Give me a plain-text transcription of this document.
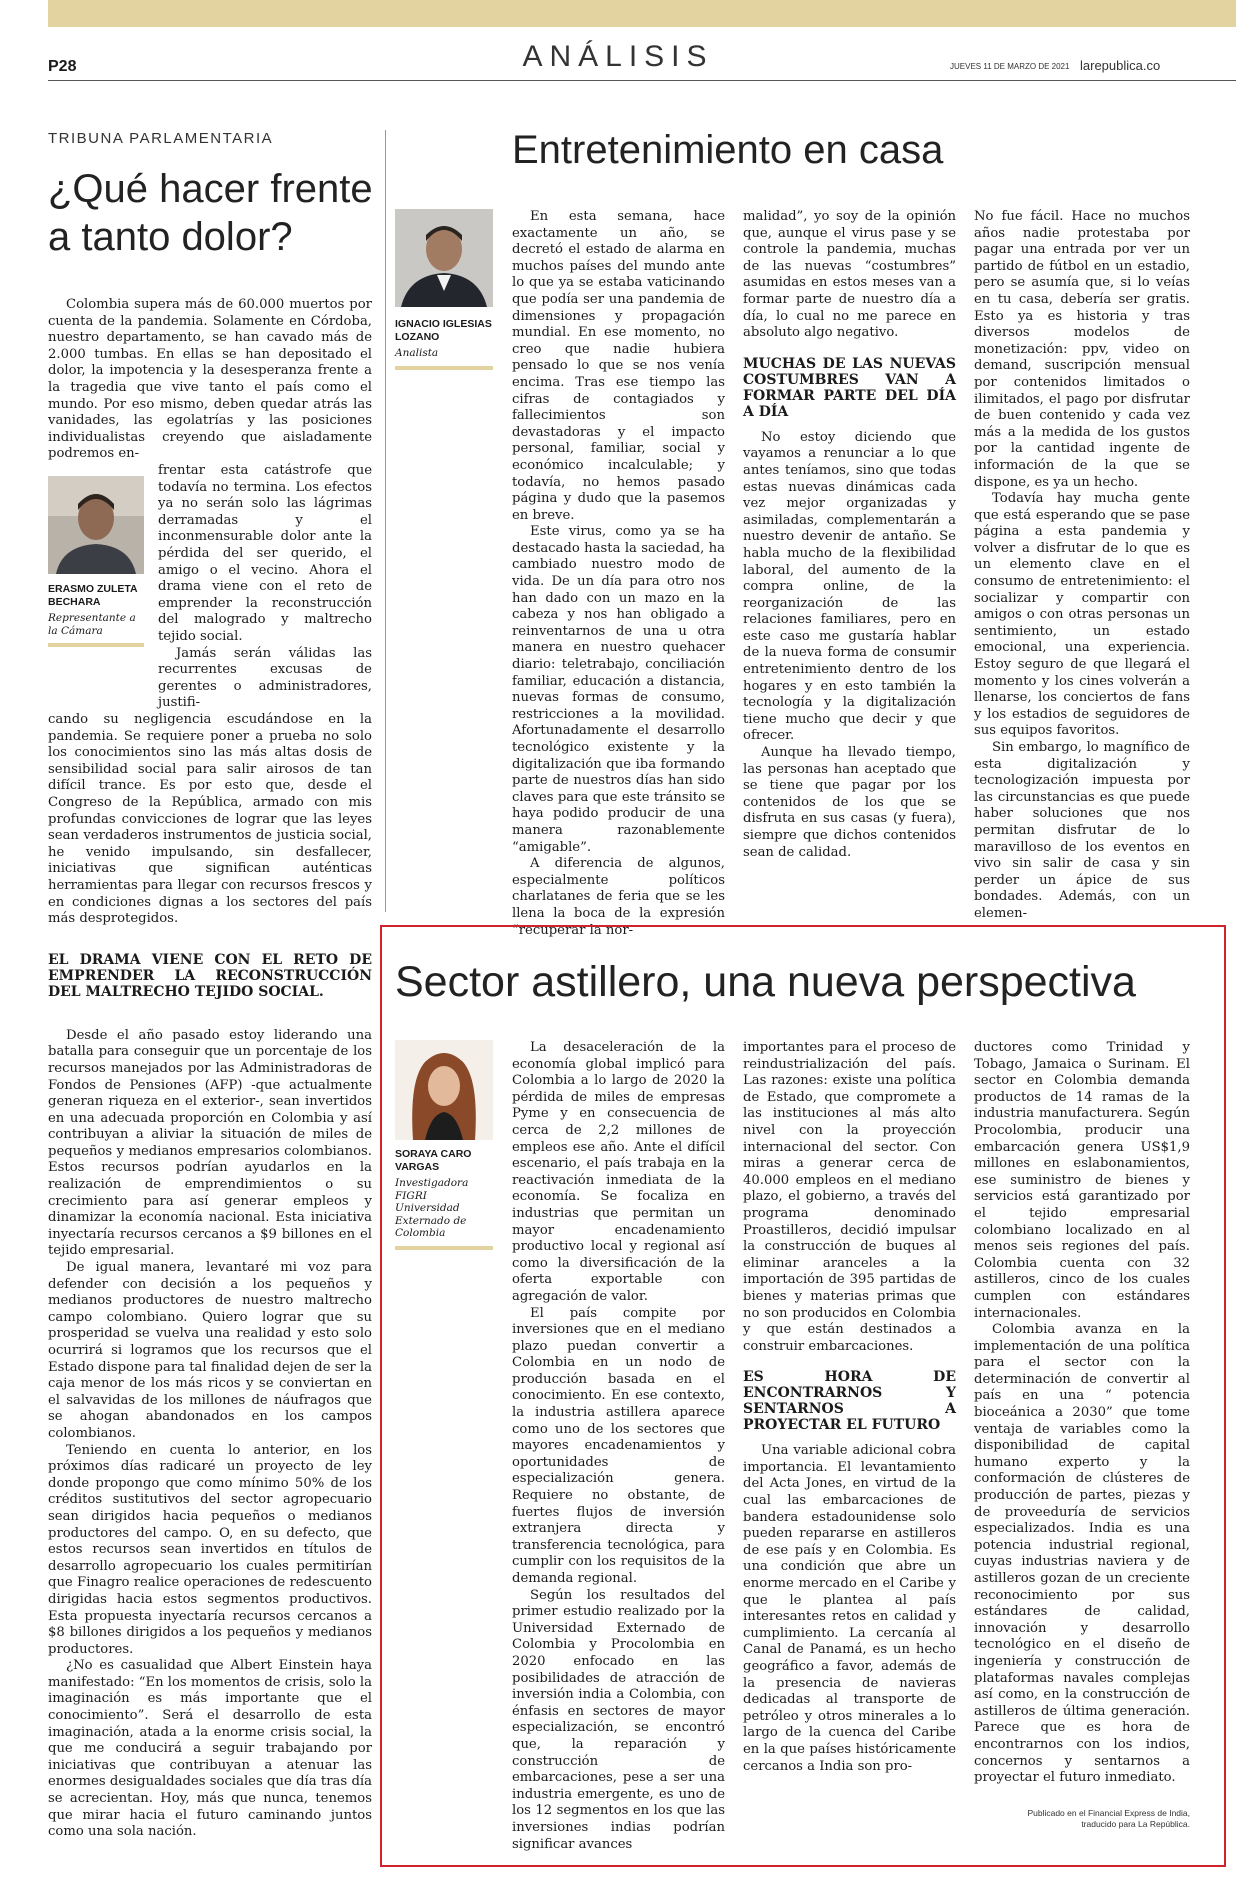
P28	ANÁLISIS	JUEVES 11 DE MARZO DE 2021 larepublica.co
TRIBUNA PARLAMENTARIA
¿Qué hacer frente a tanto dolor?

Colombia supera más de 60.000 muertos por cuenta de la pandemia. Solamente en Córdoba, nuestro departamento, se han cavado más de 2.000 tumbas. En ellas se han depositado el dolor, la impotencia y la desesperanza frente a la tragedia que vive tanto el país como el mundo. Por eso mismo, deben quedar atrás las vanidades, las egolatrías y las posiciones individualistas creyendo que aisladamente podremos en-

ERASMO ZULETA BECHARA
Representante a la Cámara

frentar esta catástrofe que todavía no termina. Los efectos ya no serán solo las lágrimas derramadas y el inconmensurable dolor ante la pérdida del ser querido, el amigo o el vecino. Ahora el drama viene con el reto de emprender la reconstrucción del malogrado y maltrecho tejido social.

Jamás serán válidas las recurrentes excusas de gerentes o administradores, justifi-

cando su negligencia escudándose en la pandemia. Se requiere poner a prueba no solo los conocimientos sino las más altas dosis de sensibilidad social para salir airosos de tan difícil trance. Es por esto que, desde el Congreso de la República, armado con mis profundas convicciones de lograr que las leyes sean verdaderos instrumentos de justicia social, he venido impulsando, sin desfallecer, iniciativas que significan auténticas herramientas para llegar con recursos frescos y en condiciones dignas a los sectores del país más desprotegidos.

EL DRAMA VIENE CON EL RETO DE EMPRENDER LA RECONSTRUCCIÓN DEL MALTRECHO TEJIDO SOCIAL.

Desde el año pasado estoy liderando una batalla para conseguir que un porcentaje de los recursos manejados por las Administradoras de Fondos de Pensiones (AFP) -que actualmente generan riqueza en el exterior-, sean invertidos en una adecuada proporción en Colombia y así contribuyan a aliviar la situación de miles de pequeños y medianos empresarios colombianos. Estos recursos podrían ayudarlos en la realización de emprendimientos o su crecimiento para así generar empleos y dinamizar la economía nacional. Esta iniciativa inyectaría recursos cercanos a $9 billones en el tejido empresarial.

De igual manera, levantaré mi voz para defender con decisión a los pequeños y medianos productores de nuestro maltrecho campo colombiano. Quiero lograr que su prosperidad se vuelva una realidad y esto solo ocurrirá si logramos que los recursos que el Estado dispone para tal finalidad dejen de ser la caja menor de los más ricos y se conviertan en el salvavidas de los millones de náufragos que se ahogan abandonados en los campos colombianos.

Teniendo en cuenta lo anterior, en los próximos días radicaré un proyecto de ley donde propongo que como mínimo 50% de los créditos sustitutivos del sector agropecuario sean dirigidos hacia pequeños o medianos productores del campo. O, en su defecto, que estos recursos sean invertidos en títulos de desarrollo agropecuario los cuales permitirían que Finagro realice operaciones de redescuento dirigidas hacia estos segmentos productivos. Esta propuesta inyectaría recursos cercanos a $8 billones dirigidos a los pequeños y medianos productores.

¿No es casualidad que Albert Einstein haya manifestado: “En los momentos de crisis, solo la imaginación es más importante que el conocimiento”. Será el desarrollo de esta imaginación, atada a la enorme crisis social, la que me conducirá a seguir trabajando por iniciativas que contribuyan a atenuar las enormes desigualdades sociales que día tras día se acrecientan. Hoy, más que nunca, tenemos que mirar hacia el futuro caminando juntos como una sola nación.

Entretenimiento en casa
IGNACIO IGLESIAS LOZANO
Analista

En esta semana, hace exactamente un año, se decretó el estado de alarma en muchos países del mundo ante lo que ya se estaba vaticinando que podía ser una pandemia de dimensiones y propagación mundial. En ese momento, no creo que nadie hubiera pensado lo que se nos venía encima. Tras ese tiempo las cifras de contagiados y fallecimientos son devastadoras y el impacto personal, familiar, social y económico incalculable; y todavía, no hemos pasado página y dudo que la pasemos en breve.

Este virus, como ya se ha destacado hasta la saciedad, ha cambiado nuestro modo de vida. De un día para otro nos han dado con un mazo en la cabeza y nos han obligado a reinventarnos de una u otra manera en nuestro quehacer diario: teletrabajo, conciliación familiar, educación a distancia, nuevas formas de consumo, restricciones a la movilidad. Afortunadamente el desarrollo tecnológico existente y la digitalización que iba formando parte de nuestros días han sido claves para que este tránsito se haya podido producir de una manera razonablemente “amigable”.

A diferencia de algunos, especialmente políticos charlatanes de feria que se les llena la boca de la expresión “recuperar la nor-

malidad”, yo soy de la opinión que, aunque el virus pase y se controle la pandemia, muchas de las nuevas “costumbres” asumidas en estos meses van a formar parte de nuestro día a día, lo cual no me parece en absoluto algo negativo.

MUCHAS DE LAS NUEVAS COSTUMBRES VAN A FORMAR PARTE DEL DÍA A DÍA

No estoy diciendo que vayamos a renunciar a lo que antes teníamos, sino que todas estas nuevas dinámicas cada vez mejor organizadas y asimiladas, complementarán a nuestro devenir de antaño. Se habla mucho de la flexibilidad laboral, del aumento de la compra online, de la reorganización de las relaciones familiares, pero en este caso me gustaría hablar de la nueva forma de consumir entretenimiento dentro de los hogares y en esto también la tecnología y la digitalización tiene mucho que decir y que ofrecer.

Aunque ha llevado tiempo, las personas han aceptado que se tiene que pagar por los contenidos de los que se disfruta en sus casas (y fuera), siempre que dichos contenidos sean de calidad.

No fue fácil. Hace no muchos años nadie protestaba por pagar una entrada por ver un partido de fútbol en un estadio, pero se asumía que, si lo veías en tu casa, debería ser gratis. Esto ya es historia y tras diversos modelos de monetización: ppv, video on demand, suscripción mensual por contenidos limitados o ilimitados, el pago por disfrutar de buen contenido y cada vez más a la medida de los gustos por la cantidad ingente de información de la que se dispone, es ya un hecho.

Todavía hay mucha gente que está esperando que se pase página a esta pandemia y volver a disfrutar de lo que es un elemento clave en el consumo de entretenimiento: el socializar y compartir con amigos o con otras personas un sentimiento, un estado emocional, una experiencia. Estoy seguro de que llegará el momento y los cines volverán a llenarse, los conciertos de fans y los estadios de seguidores de sus equipos favoritos.

Sin embargo, lo magnífico de esta digitalización y tecnologización impuesta por las circunstancias es que puede haber soluciones que nos permitan disfrutar de lo maravilloso de los eventos en vivo sin salir de casa y sin perder un ápice de sus bondades. Además, con un elemen-

Sector astillero, una nueva perspectiva
SORAYA CARO VARGAS
Investigadora FIGRI Universidad Externado de Colombia

La desaceleración de la economía global implicó para Colombia a lo largo de 2020 la pérdida de miles de empresas Pyme y en consecuencia de cerca de 2,2 millones de empleos ese año. Ante el difícil escenario, el país trabaja en la reactivación inmediata de la economía. Se focaliza en industrias que permitan un mayor encadenamiento productivo local y regional así como la diversificación de la oferta exportable con agregación de valor.

El país compite por inversiones que en el mediano plazo puedan convertir a Colombia en un nodo de producción basada en el conocimiento. En ese contexto, la industria astillera aparece como uno de los sectores que mayores encadenamientos y oportunidades de especialización genera. Requiere no obstante, de fuertes flujos de inversión extranjera directa y transferencia tecnológica, para cumplir con los requisitos de la demanda regional.

Según los resultados del primer estudio realizado por la Universidad Externado de Colombia y Procolombia en 2020 enfocado en las posibilidades de atracción de inversión india a Colombia, con énfasis en sectores de mayor especialización, se encontró que, la reparación y construcción de embarcaciones, pese a ser una industria emergente, es uno de los 12 segmentos en los que las inversiones indias podrían significar avances

importantes para el proceso de reindustrialización del país. Las razones: existe una política de Estado, que compromete a las instituciones al más alto nivel con la proyección internacional del sector. Con miras a generar cerca de 40.000 empleos en el mediano plazo, el gobierno, a través del programa denominado Proastilleros, decidió impulsar la construcción de buques al eliminar aranceles a la importación de 395 partidas de bienes y materias primas que no son producidos en Colombia y que están destinados a construir embarcaciones.

ES HORA DE ENCONTRARNOS Y SENTARNOS A PROYECTAR EL FUTURO

Una variable adicional cobra importancia. El levantamiento del Acta Jones, en virtud de la cual las embarcaciones de bandera estadounidense solo pueden repararse en astilleros de ese país y en Colombia. Es una condición que abre un enorme mercado en el Caribe y que le plantea al país interesantes retos en calidad y cumplimiento. La cercanía al Canal de Panamá, es un hecho geográfico a favor, además de la presencia de navieras dedicadas al transporte de petróleo y otros minerales a lo largo de la cuenca del Caribe en la que países históricamente cercanos a India son pro-

ductores como Trinidad y Tobago, Jamaica o Surinam. El sector en Colombia demanda productos de 14 ramas de la industria manufacturera. Según Procolombia, producir una embarcación genera US$1,9 millones en eslabonamientos, ese suministro de bienes y servicios está garantizado por el tejido empresarial colombiano localizado en al menos seis regiones del país. Colombia cuenta con 32 astilleros, cinco de los cuales cumplen con estándares internacionales.

Colombia avanza en la implementación de una política para el sector con la determinación de convertir al país en una “ potencia bioceánica a 2030” que tome ventaja de variables como la disponibilidad de capital humano experto y la conformación de clústeres de producción de partes, piezas y de proveeduría de servicios especializados. India es una potencia industrial regional, cuyas industrias naviera y de astilleros gozan de un creciente reconocimiento por sus estándares de calidad, innovación y desarrollo tecnológico en el diseño de ingeniería y construcción de plataformas navales complejas así como, en la construcción de astilleros de última generación. Parece que es hora de encontrarnos con los indios, concernos y sentarnos a proyectar el futuro inmediato.

Publicado en el Financial Express de India, traducido para La República.
